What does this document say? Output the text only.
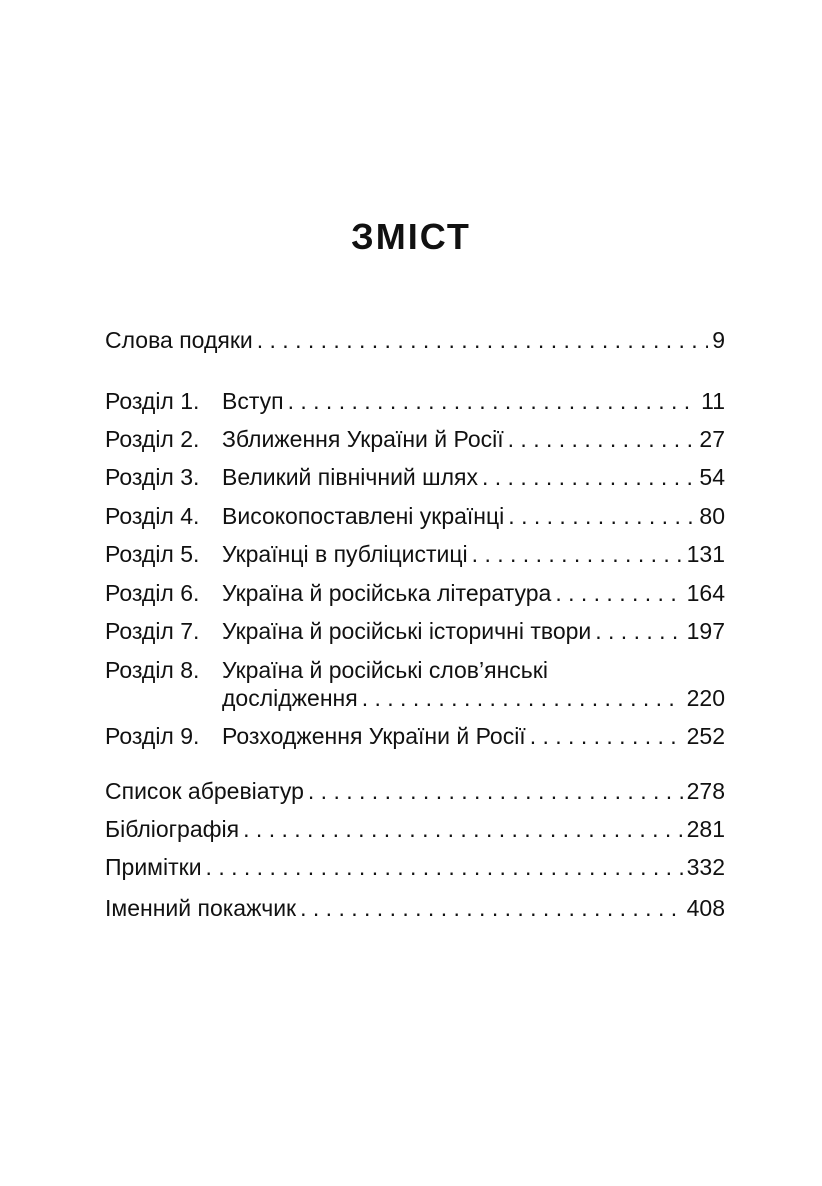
ЗМІСТ
Слова подяки . . .	9
Розділ 1. Вступ . . .	11
Розділ 2. Зближення України й Росії . . .	27
Розділ 3. Великий північний шлях . . .	54
Розділ 4. Високопоставлені українці . . .	80
Розділ 5. Українці в публіцистиці . . .	131
Розділ 6. Україна й російська література . . .	164
Розділ 7. Україна й російські історичні твори . . .	197
Розділ 8. Україна й російські слов’янські
дослідження . . .	220
Розділ 9. Розходження України й Росії . . .	252
Список абревіатур . . .	278
Бібліографія . . .	281
Примітки . . .	332
Іменний покажчик . . .	408
